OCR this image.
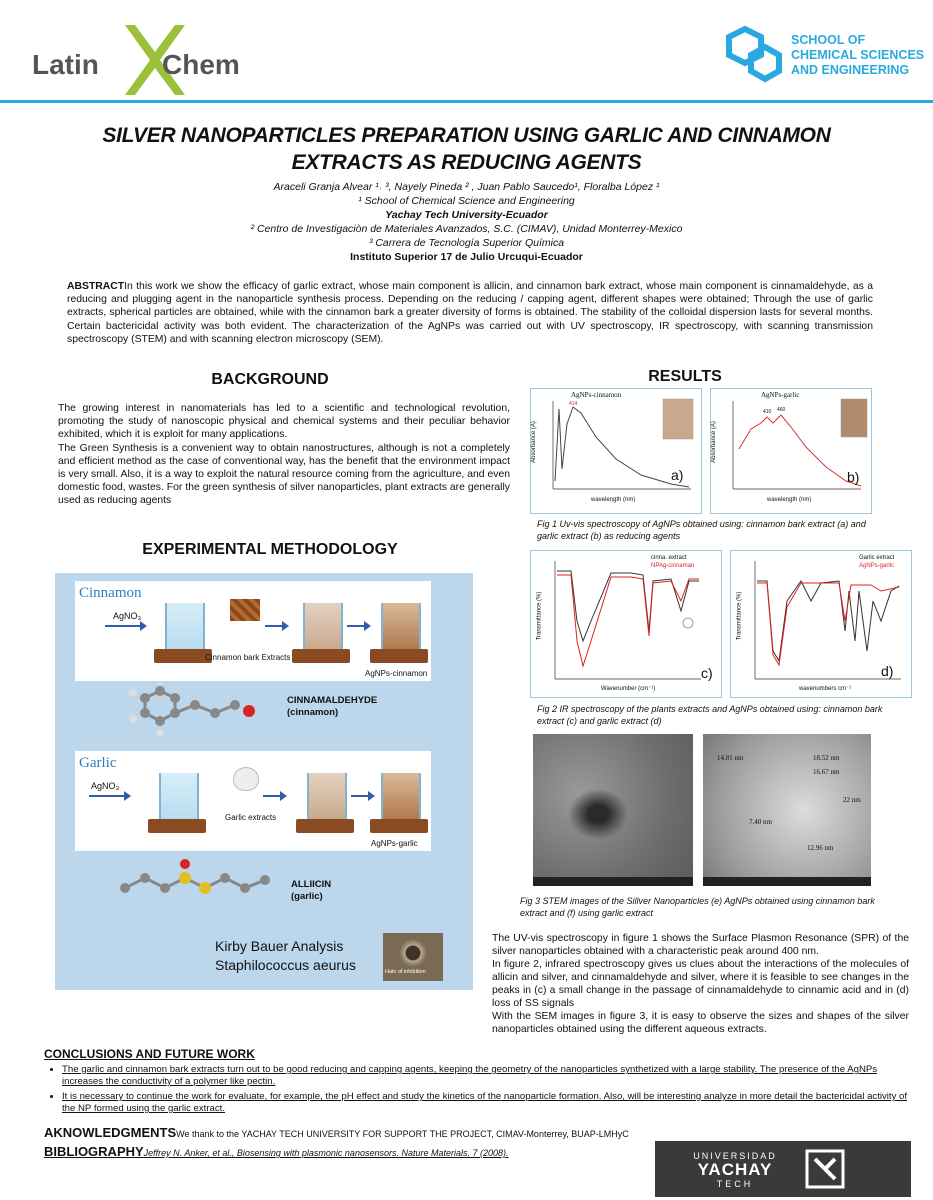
Latin Chem
SCHOOL OF
CHEMICAL SCIENCES
AND ENGINEERING
SILVER NANOPARTICLES PREPARATION USING GARLIC AND CINNAMON
EXTRACTS AS REDUCING AGENTS
Araceli Granja Alvear ¹˒ ³, Nayely Pineda ² , Juan Pablo Saucedo¹, Floralba López ¹
¹ School of Chemical Science and Engineering
Yachay Tech University-Ecuador
² Centro de Investigaciòn de Materiales Avanzados, S.C. (CIMAV), Unidad Monterrey-Mexico
³ Carrera de Tecnología Superior Química
Instituto Superior 17 de Julio Urcuqui-Ecuador
ABSTRACTIn this work we show the efficacy of garlic extract, whose main component is allicin, and cinnamon bark extract, whose main component is cinnamaldehyde, as a reducing and plugging agent in the nanoparticle synthesis process. Depending on the reducing / capping agent, different shapes were obtained; Through the use of garlic extracts, spherical particles are obtained, while with the cinnamon bark a greater diversity of forms is obtained. The stability of the colloidal dispersion lasts for several months. Certain bactericidal activity was both evident. The characterization of the AgNPs was carried out with UV spectroscopy, IR spectroscopy, with scanning transmission spectroscopy (STEM) and with scanning electron microscopy (SEM).
BACKGROUND
The growing interest in nanomaterials has led to a scientific and technological revolution, promoting the study of nanoscopic physical and chemical systems and their peculiar behavior exhibited, which it is exploit for many applications.
The Green Synthesis is a convenient way to obtain nanostructures, although is not a completely and efficient method as the case of conventional way, has the benefit that the environment impact is very small. Also, it is a way to exploit the natural resource coming from the agriculture, and even domestic food, wastes. For the green synthesis of silver nanoparticles, plant extracts are generally used as reducing agents
EXPERIMENTAL METHODOLOGY
Cinnamon
AgNO₃
Cinnamon bark Extracts
AgNPs-cinnamon
CINNAMALDEHYDE
(cinnamon)
Garlic
AgNO₃
Garlic extracts
AgNPs-garlic
ALLIICIN
(garlic)
Kirby Bauer Analysis
Staphilococcus aeurus	Halo of inhibition
RESULTS
AgNPs-cinnamon
414
wavelength (nm)
Absorbance (A)
a)
AgNPs-garlic
410 460
wavelength (nm)
Absorbance (A)
b)
Fig 1 Uv-vis spectroscopy of AgNPs obtained using: cinnamon bark extract (a) and garlic extract (b) as reducing agents
cinna. extract
NPAg-cinnaman
Wavenumber (cm⁻¹)
Transmittance (%)
c)
Garlic extract
AgNPs-garlic
wavenumbers cm⁻¹
Transmittance (%)
d)
Fig 2 IR spectroscopy of the plants extracts and AgNPs obtained using: cinnamon bark extract (c) and garlic extract (d)
14.81 nm	18.52 nm
16.67 nm
22 nm
7.40 nm
12.96 nm
Fig 3 STEM images of the Sillver Nanoparticles (e) AgNPs obtained using cinnamon bark extract and (f) using garlic extract
The UV-vis spectroscopy in figure 1 shows the Surface Plasmon Resonance (SPR) of the silver nanoparticles obtained with a characteristic peak around 400 nm.
In figure 2, infrared spectroscopy gives us clues about the interactions of the molecules of allicin and silver, and cinnamaldehyde and silver, where it is feasible to see changes in the peaks in (c) a small change in the passage of cinnamaldehyde to cinnamic acid and in (d) loss of SS signals
With the SEM images in figure 3, it is easy to observe the sizes and shapes of the silver nanoparticles obtained using the different aqueous extracts.
CONCLUSIONS AND FUTURE WORK
• The garlic and cinnamon bark extracts turn out to be good reducing and capping agents, keeping the geometry of the nanoparticles synthetized with a large stability. The presence of the AgNPs increases the conductivity of a polymer like pectin.
• It is necessary to continue the work for evaluate, for example, the pH effect and study the kinetics of the nanoparticle formation. Also, will be interesting analyze in more detail the bactericidal activity of the NP formed using the garlic extract.
AKNOWLEDGMENTSWe thank to the YACHAY TECH UNIVERSITY FOR SUPPORT THE PROJECT, CIMAV-Monterrey, BUAP-LMHyC
BIBLIOGRAPHYJeffrey N. Anker, et al., Biosensing with plasmonic nanosensors. Nature Materials. 7 (2008).	UNIVERSIDAD
YACHAY
TECH
